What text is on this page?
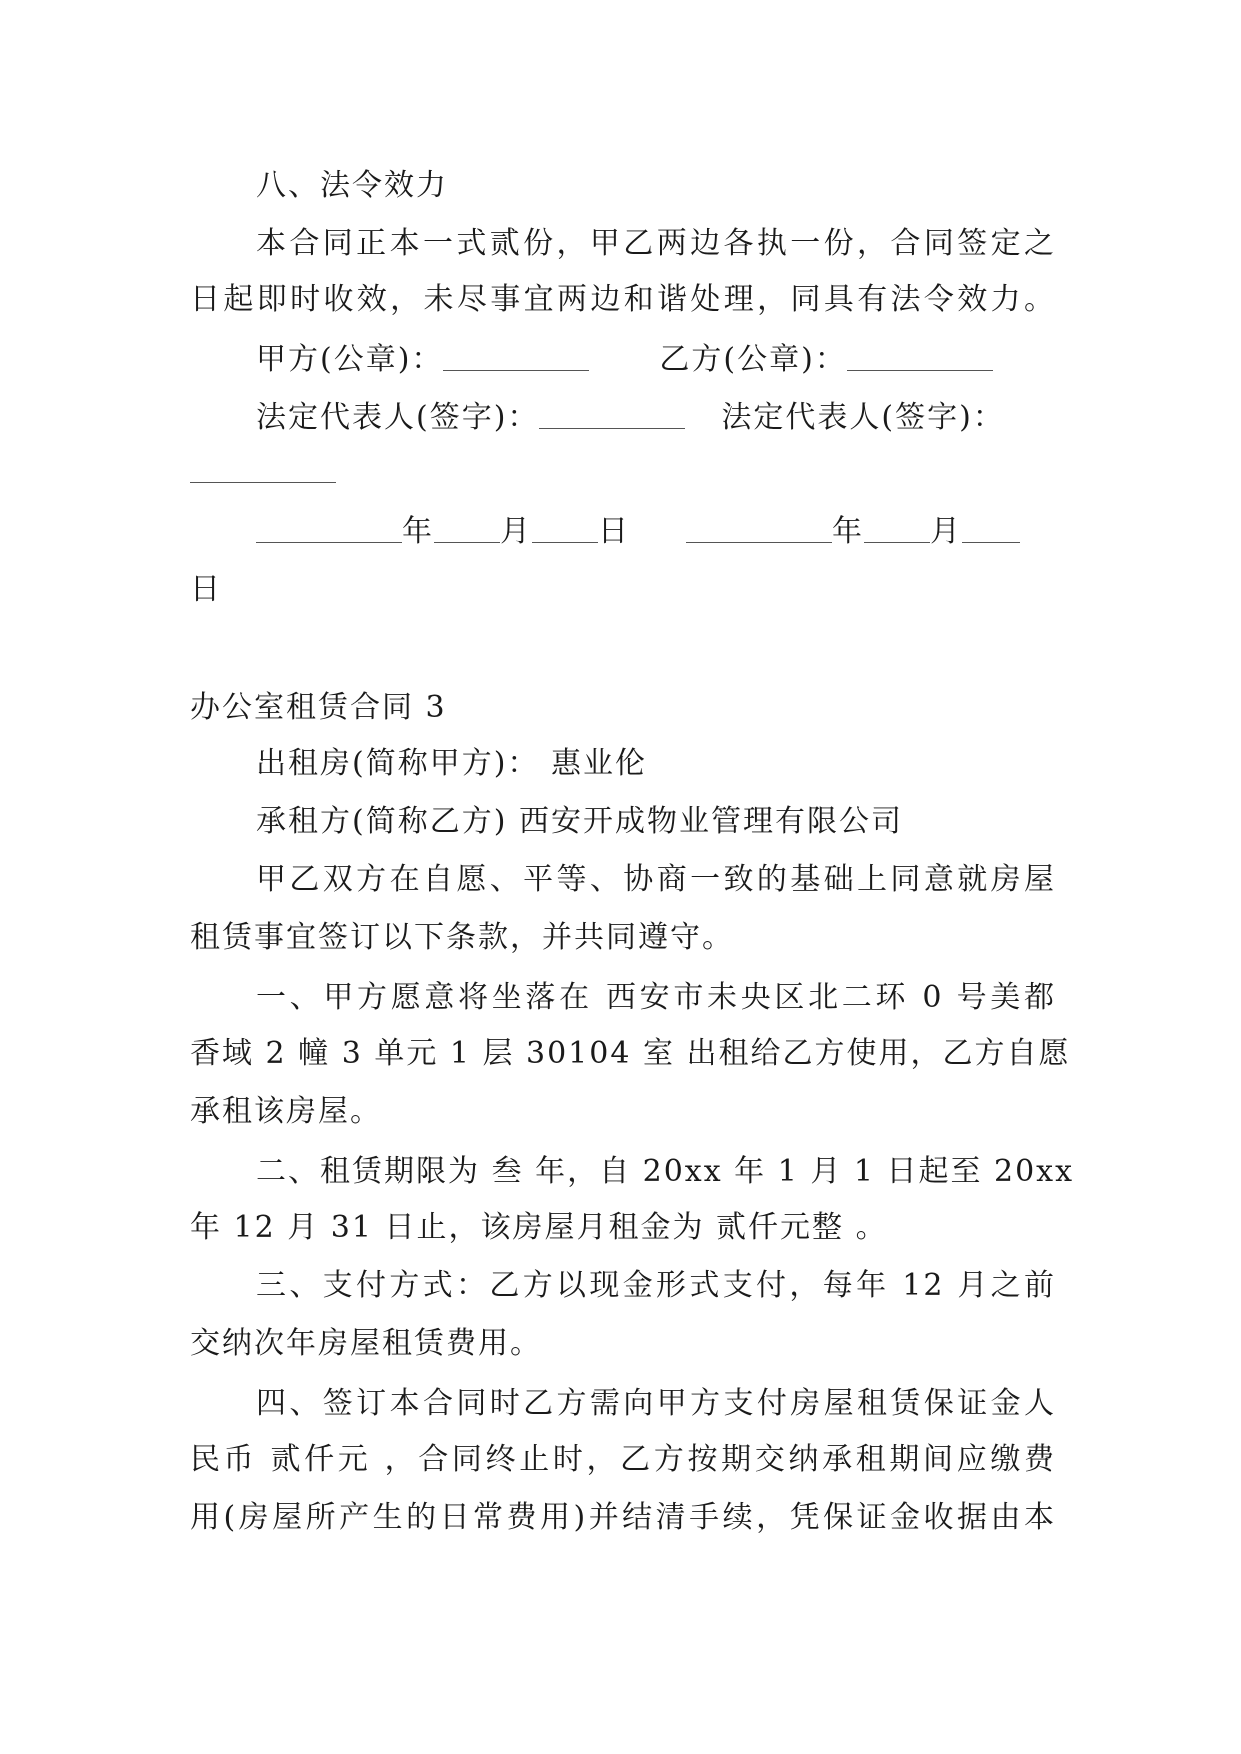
八、法令效力
本合同正本一式贰份，甲乙两边各执一份，合同签定之
日起即时收效，未尽事宜两边和谐处理，同具有法令效力。
甲方(公章)：	乙方(公章)：
法定代表人(签字)：	法定代表人(签字)：
年 月 日	年 月
日
办公室租赁合同 3
出租房(简称甲方)： 惠业伦
承租方(简称乙方) 西安开成物业管理有限公司
甲乙双方在自愿、平等、协商一致的基础上同意就房屋
租赁事宜签订以下条款，并共同遵守。
一、甲方愿意将坐落在 西安市未央区北二环 0 号美都
香域 2 幢 3 单元 1 层 30104 室 出租给乙方使用，乙方自愿
承租该房屋。
二、租赁期限为 叁 年，自 20xx 年 1 月 1 日起至 20xx
年 12 月 31 日止，该房屋月租金为 贰仟元整 。
三、支付方式：乙方以现金形式支付，每年 12 月之前
交纳次年房屋租赁费用。
四、签订本合同时乙方需向甲方支付房屋租赁保证金人
民币 贰仟元 ，合同终止时，乙方按期交纳承租期间应缴费
用(房屋所产生的日常费用)并结清手续，凭保证金收据由本
